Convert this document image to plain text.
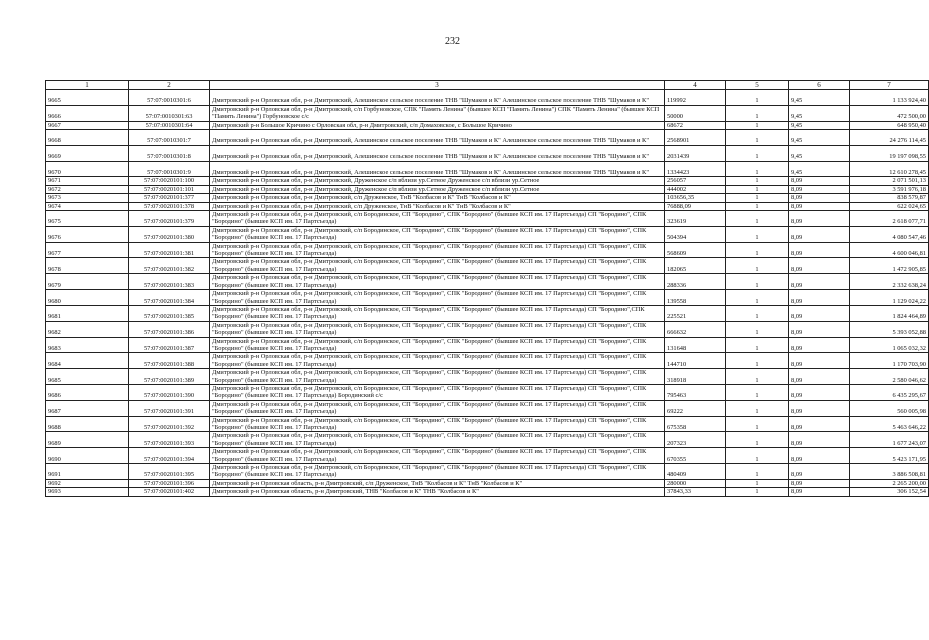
232
1	2	3	4	5	6	7
9665	57:07:0010301:6	Дмитровский р-н Орловская обл, р-н Дмитровский, Алешинское сельское поселение ТНВ "Шумаков и К" Алешинское сельское поселение ТНВ "Шумаков и К"	119992	1	9,45	1 133 924,40
9666	57:07:0010301:63	Дмитровский р-н Орловская обл, р-н Дмитровский, с/п Горбуновское, СПК "Память Ленина" (бывшее КСП "Память Ленина") СПК "Память Ленина" (бывшее КСП "Память Ленина") Горбуновское с/с	50000	1	9,45	472 500,00
9667	57:07:0010301:64	Дмитровский р-н Большое Кричино с Орловская обл, р-н Дмитровский, с/п Домаховское, с Большое Кричино	68672	1	9,45	648 950,40
9668	57:07:0010301:7	Дмитровский р-н Орловская обл, р-н Дмитровский, Алешинское сельское поселение ТНВ "Шумаков и К" Алешинское сельское поселение ТНВ "Шумаков и К"	2568901	1	9,45	24 276 114,45
9669	57:07:0010301:8	Дмитровский р-н Орловская обл, р-н Дмитровский, Алешинское сельское поселение ТНВ "Шумаков и К" Алешинское сельское поселение ТНВ "Шумаков и К"	2031439	1	9,45	19 197 098,55
9670	57:07:0010301:9	Дмитровский р-н Орловская обл, р-н Дмитровский, Алешинское сельское поселение ТНВ "Шумаков и К" Алешинское сельское поселение ТНВ "Шумаков и К"	1334423	1	9,45	12 610 278,45
9671	57:07:0020101:100	Дмитровский р-н Орловская обл, р-н Дмитровский, Друженское с/п вблизи ур.Сетное Друженское с/п вблизи ур.Сетное	256057	1	8,09	2 071 501,13
9672	57:07:0020101:101	Дмитровский р-н Орловская обл, р-н Дмитровский, Друженское с/п вблизи ур.Сетное Друженское с/п вблизи ур.Сетное	444002	1	8,09	3 591 976,18
9673	57:07:0020101:377	Дмитровский р-н Орловская обл, р-н Дмитровский, с/п Друженское, ТнВ "Колбасов и К" ТнВ "Колбасов и К"	103656,35	1	8,09	838 579,87
9674	57:07:0020101:378	Дмитровский р-н Орловская обл, р-н Дмитровский, с/п Друженское, ТнВ "Колбасов и К" ТнВ "Колбасов и К"	76888,09	1	8,09	622 024,65
9675	57:07:0020101:379	Дмитровский р-н Орловская обл, р-н Дмитровский, с/п Бородинское, СП "Бородино", СПК "Бородино" (бывшее КСП им. 17 Партсъезда) СП "Бородино", СПК "Бородино" (бывшее КСП им. 17 Партсъезда)	323619	1	8,09	2 618 077,71
9676	57:07:0020101:380	Дмитровский р-н Орловская обл, р-н Дмитровский, с/п Бородинское, СП "Бородино", СПК "Бородино" (бывшее КСП им. 17 Партсъезда) СП "Бородино", СПК "Бородино" (бывшее КСП им. 17 Партсъезда)	504394	1	8,09	4 080 547,46
9677	57:07:0020101:381	Дмитровский р-н Орловская обл, р-н Дмитровский, с/п Бородинское, СП "Бородино", СПК "Бородино" (бывшее КСП им. 17 Партсъезда) СП "Бородино", СПК "Бородино" (бывшее КСП им. 17 Партсъезда)	568609	1	8,09	4 600 046,81
9678	57:07:0020101:382	Дмитровский р-н Орловская обл, р-н Дмитровский, с/п Бородинское, СП "Бородино", СПК "Бородино" (бывшее КСП им. 17 Партсъезда) СП "Бородино", СПК "Бородино" (бывшее КСП им. 17 Партсъезда)	182065	1	8,09	1 472 905,85
9679	57:07:0020101:383	Дмитровский р-н Орловская обл, р-н Дмитровский, с/п Бородинское, СП "Бородино", СПК "Бородино" (бывшее КСП им. 17 Партсъезда) СП "Бородино", СПК "Бородино" (бывшее КСП им. 17 Партсъезда)	288336	1	8,09	2 332 638,24
9680	57:07:0020101:384	Дмитровский р-н Орловская обл, р-н Дмитровский, с/п Бородинское, СП "Бородино", СПК "Бородино" (бывшее КСП им. 17 Партсъезда) СП "Бородино", СПК "Бородино" (бывшее КСП им. 17 Партсъезда)	139558	1	8,09	1 129 024,22
9681	57:07:0020101:385	Дмитровский р-н Орловская обл, р-н Дмитровский, с/п Бородинское, СП "Бородино", СПК "Бородино" (бывшее КСП им. 17 Партсъезда) СП "Бородино",СПК "Бородино" (бывшее КСП им. 17 Партсъезда)	225521	1	8,09	1 824 464,89
9682	57:07:0020101:386	Дмитровский р-н Орловская обл, р-н Дмитровский, с/п Бородинское, СП "Бородино", СПК "Бородино" (бывшее КСП им. 17 Партсъезда) СП "Бородино", СПК "Бородино" (бывшее КСП им. 17 Партсъезда)	666632	1	8,09	5 393 052,88
9683	57:07:0020101:387	Дмитровский р-н Орловская обл, р-н Дмитровский, с/п Бородинское, СП "Бородино", СПК "Бородино" (бывшее КСП им. 17 Партсъезда) СП "Бородино", СПК "Бородино" (бывшее КСП им. 17 Партсъезда)	131648	1	8,09	1 065 032,32
9684	57:07:0020101:388	Дмитровский р-н Орловская обл, р-н Дмитровский, с/п Бородинское, СП "Бородино", СПК "Бородино" (бывшее КСП им. 17 Партсъезда) СП "Бородино", СПК "Бородино" (бывшее КСП им. 17 Партсъезда)	144710	1	8,09	1 170 703,90
9685	57:07:0020101:389	Дмитровский р-н Орловская обл, р-н Дмитровский, с/п Бородинское, СП "Бородино", СПК "Бородино" (бывшее КСП им. 17 Партсъезда) СП "Бородино", СПК "Бородино" (бывшее КСП им. 17 Партсъезда)	318918	1	8,09	2 580 046,62
9686	57:07:0020101:390	Дмитровский р-н Орловская обл, р-н Дмитровский, с/п Бородинское, СП "Бородино", СПК "Бородино" (бывшее КСП им. 17 Партсъезда) СП "Бородино", СПК "Бородино" (бывшее КСП им. 17 Партсъезда) Бородинский с/с	795463	1	8,09	6 435 295,67
9687	57:07:0020101:391	Дмитровский р-н Орловская обл, р-н Дмитровский, с/п Бородинское, СП "Бородино", СПК "Бородино" (бывшее КСП им. 17 Партсъезда) СП "Бородино", СПК "Бородино" (бывшее КСП им. 17 Партсъезда)	69222	1	8,09	560 005,98
9688	57:07:0020101:392	Дмитровский р-н Орловская обл, р-н Дмитровский, с/п Бородинское, СП "Бородино", СПК "Бородино" (бывшее КСП им. 17 Партсъезда) СП "Бородино", СПК "Бородино" (бывшее КСП им. 17 Партсъезда)	675358	1	8,09	5 463 646,22
9689	57:07:0020101:393	Дмитровский р-н Орловская обл, р-н Дмитровский, с/п Бородинское, СП "Бородино", СПК "Бородино" (бывшее КСП им. 17 Партсъезда) СП "Бородино", СПК "Бородино" (бывшее КСП им. 17 Партсъезда)	207323	1	8,09	1 677 243,07
9690	57:07:0020101:394	Дмитровский р-н Орловская обл, р-н Дмитровский, с/п Бородинское, СП "Бородино", СПК "Бородино" (бывшее КСП им. 17 Партсъезда) СП "Бородино", СПК "Бородино" (бывшее КСП им. 17 Партсъезда)	670355	1	8,09	5 423 171,95
9691	57:07:0020101:395	Дмитровский р-н Орловская обл, р-н Дмитровский, с/п Бородинское, СП "Бородино", СПК "Бородино" (бывшее КСП им. 17 Партсъезда) СП "Бородино", СПК "Бородино" (бывшее КСП им. 17 Партсъезда)	480409	1	8,09	3 886 508,81
9692	57:07:0020101:396	Дмитровский р-н Орловская область, р-н Дмитровский, с/п Друженское, ТнВ "Колбасов и К" ТнВ "Колбасов и К"	280000	1	8,09	2 265 200,00
9693	57:07:0020101:402	Дмитровский р-н Орловская область, р-н Дмитровский, ТНВ "Колбасов и К" ТНВ "Колбасов и К"	37843,33	1	8,09	306 152,54
